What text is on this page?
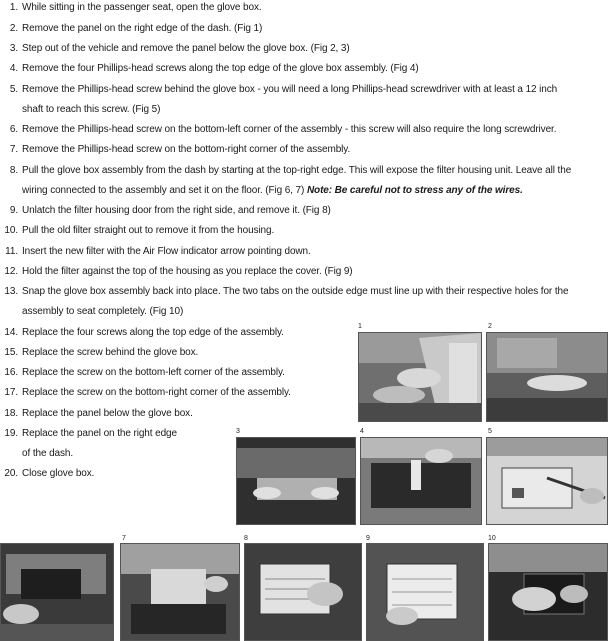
1. While sitting in the passenger seat, open the glove box.
2. Remove the panel on the right edge of the dash. (Fig 1)
3. Step out of the vehicle and remove the panel below the glove box. (Fig 2, 3)
4. Remove the four Phillips-head screws along the top edge of the glove box assembly. (Fig 4)
5. Remove the Phillips-head screw behind the glove box - you will need a long Phillips-head screwdriver with at least a 12 inch
shaft to reach this screw. (Fig 5)
6. Remove the Phillips-head screw on the bottom-left corner of the assembly - this screw will also require the long screwdriver.
7. Remove the Phillips-head screw on the bottom-right corner of the assembly.
8. Pull the glove box assembly from the dash by starting at the top-right edge. This will expose the filter housing unit. Leave all the
wiring connected to the assembly and set it on the floor. (Fig 6, 7) Note: Be careful not to stress any of the wires.
9. Unlatch the filter housing door from the right side, and remove it. (Fig 8)
10. Pull the old filter straight out to remove it from the housing.
11. Insert the new filter with the Air Flow indicator arrow pointing down.
12. Hold the filter against the top of the housing as you replace the cover. (Fig 9)
13. Snap the glove box assembly back into place. The two tabs on the outside edge must line up with their respective holes for the
assembly to seat completely. (Fig 10)
14. Replace the four screws along the top edge of the assembly.
15. Replace the screw behind the glove box.
16. Replace the screw on the bottom-left corner of the assembly.
17. Replace the screw on the bottom-right corner of the assembly.
18. Replace the panel below the glove box.
19. Replace the panel on the right edge
of the dash.
20. Close glove box.
1	2
3	4	5
7	8	9	10
